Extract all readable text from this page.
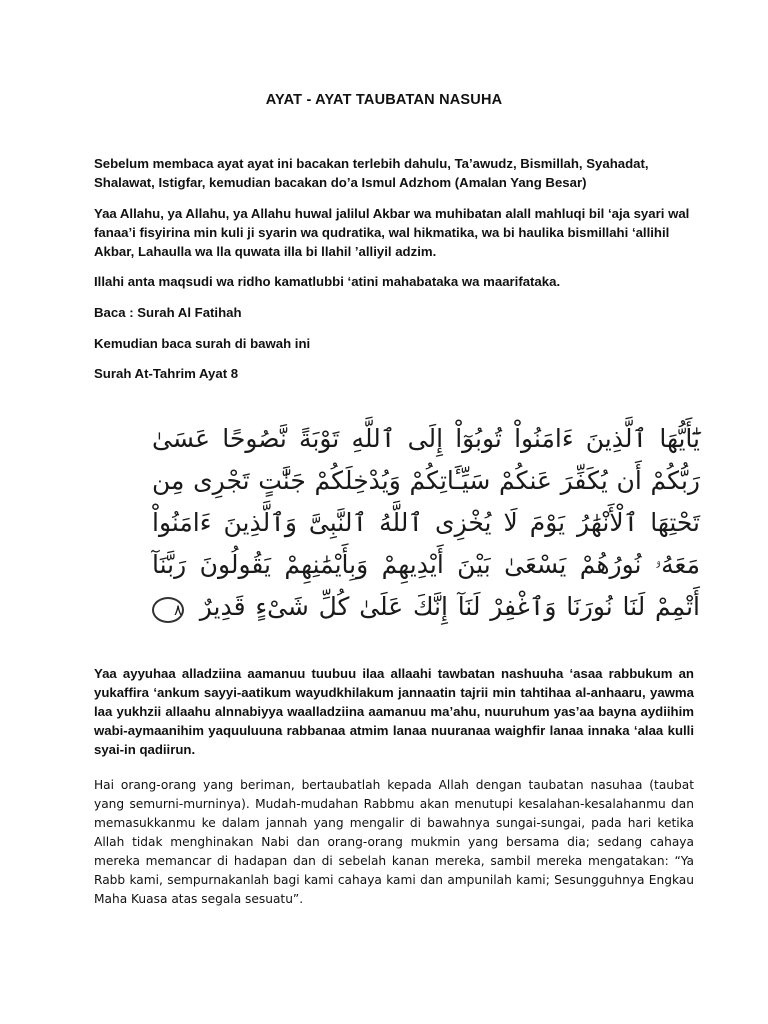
AYAT - AYAT TAUBATAN NASUHA
Sebelum membaca ayat ayat ini bacakan terlebih dahulu, Ta’awudz, Bismillah, Syahadat, Shalawat, Istigfar, kemudian bacakan do’a Ismul Adzhom (Amalan Yang Besar)
Yaa Allahu, ya Allahu, ya Allahu huwal jalilul Akbar wa muhibatan alall mahluqi bil ‘aja syari wal fanaa’i fisyirina min kuli ji syarin wa qudratika, wal hikmatika, wa bi haulika bismillahi ‘allihil Akbar, Lahaulla wa lla quwata illa bi llahil ’alliyil adzim.
Illahi anta maqsudi wa ridho kamatlubbi ‘atini mahabataka wa maarifataka.
Baca : Surah Al Fatihah
Kemudian baca surah di bawah ini
Surah At-Tahrim Ayat 8
يَٰٓأَيُّهَا ٱلَّذِينَ ءَامَنُواْ تُوبُوٓاْ إِلَى ٱللَّهِ تَوْبَةً نَّصُوحًا عَسَىٰ رَبُّكُمْ أَن يُكَفِّرَ عَنكُمْ سَيِّـَٔاتِكُمْ وَيُدْخِلَكُمْ جَنَّٰتٍ تَجْرِى مِن تَحْتِهَا ٱلْأَنْهَٰرُ يَوْمَ لَا يُخْزِى ٱللَّهُ ٱلنَّبِىَّ وَٱلَّذِينَ ءَامَنُواْ مَعَهُۥ نُورُهُمْ يَسْعَىٰ بَيْنَ أَيْدِيهِمْ وَبِأَيْمَٰنِهِمْ يَقُولُونَ رَبَّنَآ أَتْمِمْ لَنَا نُورَنَا وَٱغْفِرْ لَنَآ إِنَّكَ عَلَىٰ كُلِّ شَىْءٍ قَدِيرٌ ٨
Yaa ayyuhaa alladziina aamanuu tuubuu ilaa allaahi tawbatan nashuuha ‘asaa rabbukum an yukaffira ‘ankum sayyi-aatikum wayudkhilakum jannaatin tajrii min tahtihaa al-anhaaru, yawma laa yukhzii allaahu alnnabiyya waalladziina aamanuu ma’ahu, nuuruhum yas’aa bayna aydiihim wabi-aymaanihim yaquuluuna rabbanaa atmim lanaa nuuranaa waighfir lanaa innaka ‘alaa kulli syai-in qadiirun.
Hai orang-orang yang beriman, bertaubatlah kepada Allah dengan taubatan nasuhaa (taubat yang semurni-murninya). Mudah-mudahan Rabbmu akan menutupi kesalahan-kesalahanmu dan memasukkanmu ke dalam jannah yang mengalir di bawahnya sungai-sungai, pada hari ketika Allah tidak menghinakan Nabi dan orang-orang mukmin yang bersama dia; sedang cahaya mereka memancar di hadapan dan di sebelah kanan mereka, sambil mereka mengatakan: “Ya Rabb kami, sempurnakanlah bagi kami cahaya kami dan ampunilah kami; Sesungguhnya Engkau Maha Kuasa atas segala sesuatu”.
